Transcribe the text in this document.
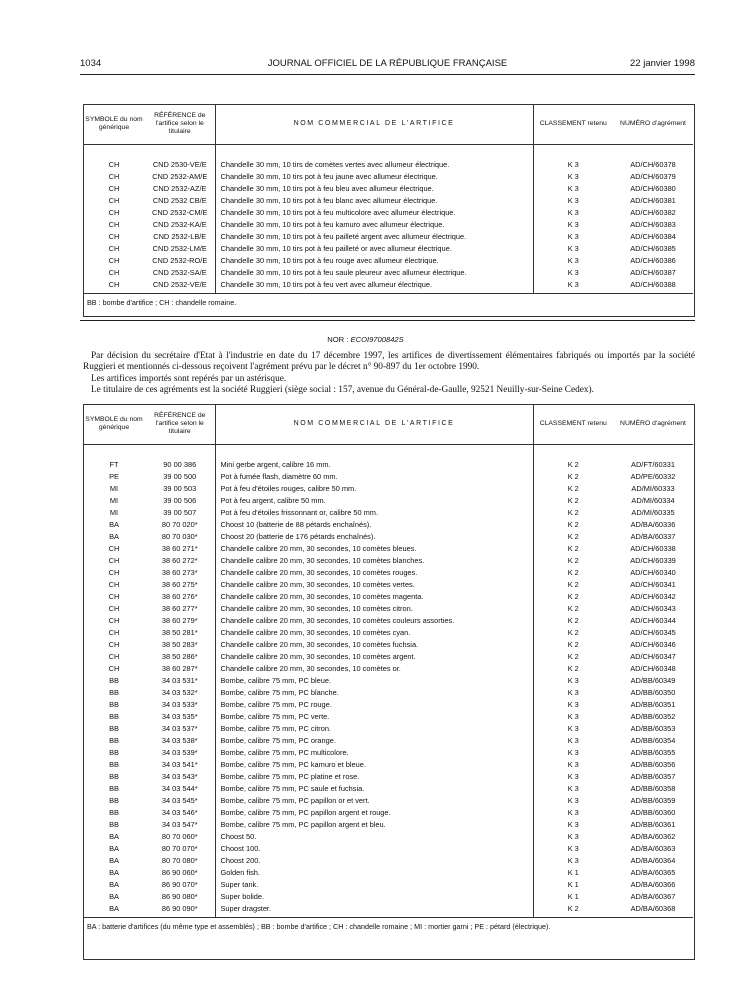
1034	JOURNAL OFFICIEL DE LA RÉPUBLIQUE FRANÇAISE	22 janvier 1998
SYMBOLE du nom générique	RÉFÉRENCE de l'artifice selon le titulaire	NOM COMMERCIAL DE L'ARTIFICE	CLASSEMENT retenu	NUMÉRO d'agrément

CH	CND 2530-VE/E	Chandelle 30 mm, 10 tirs de comètes vertes avec allumeur électrique.	K 3	AD/CH/60378
CH	CND 2532-AM/E	Chandelle 30 mm, 10 tirs pot à feu jaune avec allumeur électrique.	K 3	AD/CH/60379
CH	CND 2532-AZ/E	Chandelle 30 mm, 10 tirs pot à feu bleu avec allumeur électrique.	K 3	AD/CH/60380
CH	CND 2532 CB/E	Chandelle 30 mm, 10 tirs pot à feu blanc avec allumeur électrique.	K 3	AD/CH/60381
CH	CND 2532-CM/E	Chandelle 30 mm, 10 tirs pot à feu multicolore avec allumeur électrique.	K 3	AD/CH/60382
CH	CND 2532-KA/E	Chandelle 30 mm, 10 tirs pot à feu kamuro avec allumeur électrique.	K 3	AD/CH/60383
CH	CND 2532-LB/E	Chandelle 30 mm, 10 tirs pot à feu pailleté argent avec allumeur électrique.	K 3	AD/CH/60384
CH	CND 2532-LM/E	Chandelle 30 mm, 10 tirs pot à feu pailleté or avec allumeur électrique.	K 3	AD/CH/60385
CH	CND 2532-RO/E	Chandelle 30 mm, 10 tirs pot à feu rouge avec allumeur électrique.	K 3	AD/CH/60386
CH	CND 2532-SA/E	Chandelle 30 mm, 10 tirs pot à feu saule pleureur avec allumeur électrique.	K 3	AD/CH/60387
CH	CND 2532-VE/E	Chandelle 30 mm, 10 tirs pot à feu vert avec allumeur électrique.	K 3	AD/CH/60388
BB : bombe d'artifice ; CH : chandelle romaine.				
NOR : ECOI9700842S
Par décision du secrétaire d'Etat à l'industrie en date du 17 décembre 1997, les artifices de divertissement élémentaires fabriqués ou importés par la société Ruggieri et mentionnés ci-dessous reçoivent l'agrément prévu par le décret n° 90-897 du 1er octobre 1990.
Les artifices importés sont repérés par un astérisque.
Le titulaire de ces agréments est la société Ruggieri (siège social : 157, avenue du Général-de-Gaulle, 92521 Neuilly-sur-Seine Cedex).
SYMBOLE du nom générique	RÉFÉRENCE de l'artifice selon le titulaire	NOM COMMERCIAL DE L'ARTIFICE	CLASSEMENT retenu	NUMÉRO d'agrément

FT	90 00 386	Mini gerbe argent, calibre 16 mm.	K 2	AD/FT/60331
PE	39 00 500	Pot à fumée flash, diamètre 60 mm.	K 2	AD/PE/60332
MI	39 00 503	Pot à feu d'étoiles rouges, calibre 50 mm.	K 2	AD/MI/60333
MI	39 00 506	Pot à feu argent, calibre 50 mm.	K 2	AD/MI/60334
MI	39 00 507	Pot à feu d'étoiles frissonnant or, calibre 50 mm.	K 2	AD/MI/60335
BA	80 70 020*	Choost 10 (batterie de 88 pétards enchaînés).	K 2	AD/BA/60336
BA	80 70 030*	Choost 20 (batterie de 176 pétards enchaînés).	K 2	AD/BA/60337
CH	38 60 271*	Chandelle calibre 20 mm, 30 secondes, 10 comètes bleues.	K 2	AD/CH/60338
CH	38 60 272*	Chandelle calibre 20 mm, 30 secondes, 10 comètes blanches.	K 2	AD/CH/60339
CH	38 60 273*	Chandelle calibre 20 mm, 30 secondes, 10 comètes rouges.	K 2	AD/CH/60340
CH	38 60 275*	Chandelle calibre 20 mm, 30 secondes, 10 comètes vertes.	K 2	AD/CH/60341
CH	38 60 276*	Chandelle calibre 20 mm, 30 secondes, 10 comètes magenta.	K 2	AD/CH/60342
CH	38 60 277*	Chandelle calibre 20 mm, 30 secondes, 10 comètes citron.	K 2	AD/CH/60343
CH	38 60 279*	Chandelle calibre 20 mm, 30 secondes, 10 comètes couleurs assorties.	K 2	AD/CH/60344
CH	38 50 281*	Chandelle calibre 20 mm, 30 secondes, 10 comètes cyan.	K 2	AD/CH/60345
CH	38 50 283*	Chandelle calibre 20 mm, 30 secondes, 10 comètes fuchsia.	K 2	AD/CH/60346
CH	38 50 286*	Chandelle calibre 20 mm, 30 secondes, 10 comètes argent.	K 2	AD/CH/60347
CH	38 60 287*	Chandelle calibre 20 mm, 30 secondes, 10 comètes or.	K 2	AD/CH/60348
BB	34 03 531*	Bombe, calibre 75 mm, PC bleue.	K 3	AD/BB/60349
BB	34 03 532*	Bombe, calibre 75 mm, PC blanche.	K 3	AD/BB/60350
BB	34 03 533*	Bombe, calibre 75 mm, PC rouge.	K 3	AD/BB/60351
BB	34 03 535*	Bombe, calibre 75 mm, PC verte.	K 3	AD/BB/60352
BB	34 03 537*	Bombe, calibre 75 mm, PC citron.	K 3	AD/BB/60353
BB	34 03 538*	Bombe, calibre 75 mm, PC orange.	K 3	AD/BB/60354
BB	34 03 539*	Bombe, calibre 75 mm, PC multicolore.	K 3	AD/BB/60355
BB	34 03 541*	Bombe, calibre 75 mm, PC kamuro et bleue.	K 3	AD/BB/60356
BB	34 03 543*	Bombe, calibre 75 mm, PC platine et rose.	K 3	AD/BB/60357
BB	34 03 544*	Bombe, calibre 75 mm, PC saule et fuchsia.	K 3	AD/BB/60358
BB	34 03 545*	Bombe, calibre 75 mm, PC papillon or et vert.	K 3	AD/BB/60359
BB	34 03 546*	Bombe, calibre 75 mm, PC papillon argent et rouge.	K 3	AD/BB/60360
BB	34 03 547*	Bombe, calibre 75 mm, PC papillon argent et bleu.	K 3	AD/BB/60361
BA	80 70 060*	Choost 50.	K 3	AD/BA/60362
BA	80 70 070*	Choost 100.	K 3	AD/BA/60363
BA	80 70 080*	Choost 200.	K 3	AD/BA/60364
BA	86 90 060*	Golden fish.	K 1	AD/BA/60365
BA	86 90 070*	Super tank.	K 1	AD/BA/60366
BA	86 90 080*	Super bolide.	K 1	AD/BA/60367
BA	86 90 090*	Super dragster.	K 2	AD/BA/60368
BA : batterie d'artifices (du même type et assemblés) ; BB : bombe d'artifice ; CH : chandelle romaine ; MI : mortier garni ; PE : pétard (électrique).				
